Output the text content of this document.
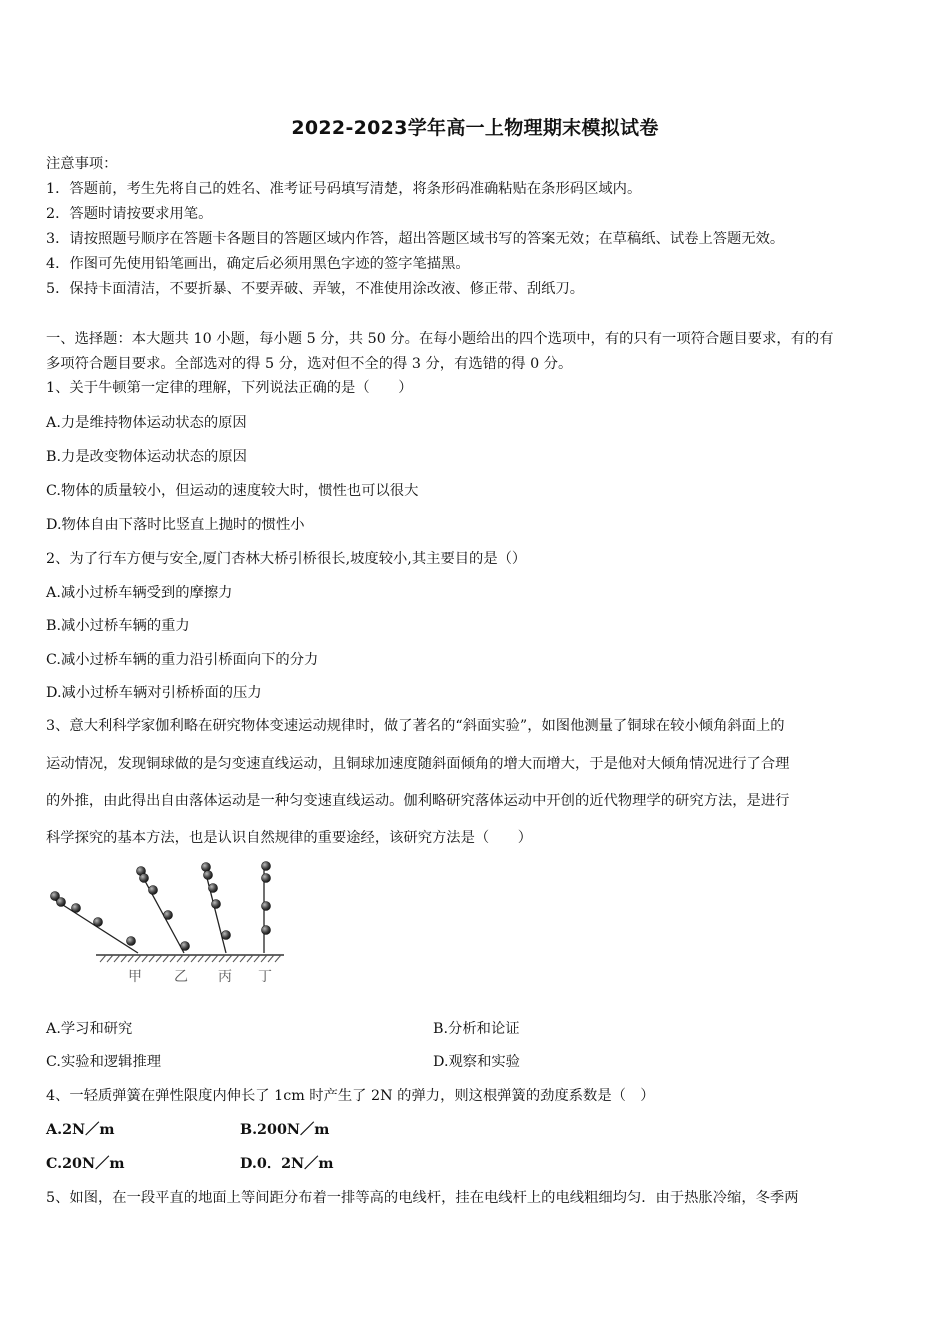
2022-2023学年高一上物理期末模拟试卷
注意事项：
1．答题前，考生先将自己的姓名、准考证号码填写清楚，将条形码准确粘贴在条形码区域内。
2．答题时请按要求用笔。
3．请按照题号顺序在答题卡各题目的答题区域内作答，超出答题区域书写的答案无效；在草稿纸、试卷上答题无效。
4．作图可先使用铅笔画出，确定后必须用黑色字迹的签字笔描黑。
5．保持卡面清洁，不要折暴、不要弄破、弄皱，不准使用涂改液、修正带、刮纸刀。
一、选择题：本大题共 10 小题，每小题 5 分，共 50 分。在每小题给出的四个选项中，有的只有一项符合题目要求，有的有
多项符合题目要求。全部选对的得 5 分，选对但不全的得 3 分，有选错的得 0 分。
1、关于牛顿第一定律的理解，下列说法正确的是（　　）
A.力是维持物体运动状态的原因
B.力是改变物体运动状态的原因
C.物体的质量较小，但运动的速度较大时，惯性也可以很大
D.物体自由下落时比竖直上抛时的惯性小
2、为了行车方便与安全,厦门杏林大桥引桥很长,坡度较小,其主要目的是（）
A.减小过桥车辆受到的摩擦力
B.减小过桥车辆的重力
C.减小过桥车辆的重力沿引桥面向下的分力
D.减小过桥车辆对引桥桥面的压力
3、意大利科学家伽利略在研究物体变速运动规律时，做了著名的“斜面实验”，如图他测量了铜球在较小倾角斜面上的
运动情况，发现铜球做的是匀变速直线运动，且铜球加速度随斜面倾角的增大而增大，于是他对大倾角情况进行了合理
的外推，由此得出自由落体运动是一种匀变速直线运动。伽利略研究落体运动中开创的近代物理学的研究方法，是进行
科学探究的基本方法，也是认识自然规律的重要途经，该研究方法是（　　）
甲 乙 丙 丁
A.学习和研究	B.分析和论证
C.实验和逻辑推理	D.观察和实验
4、一轻质弹簧在弹性限度内伸长了 1cm 时产生了 2N 的弹力，则这根弹簧的劲度系数是（　）
A.2N／m	B.200N／m
C.20N／m	D.0．2N／m
5、如图，在一段平直的地面上等间距分布着一排等高的电线杆，挂在电线杆上的电线粗细均匀．由于热胀冷缩，冬季两
